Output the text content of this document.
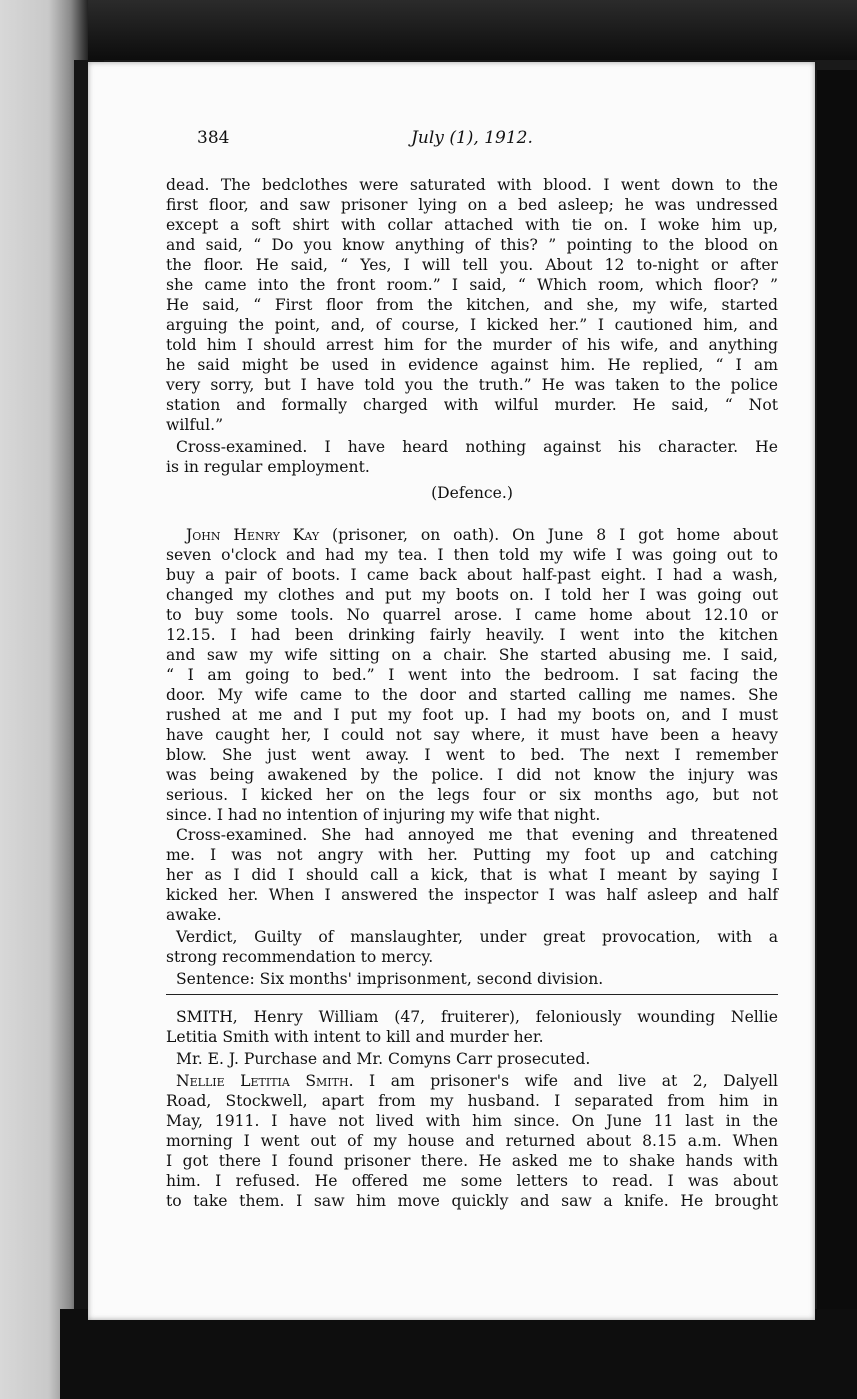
384	July (1), 1912.
dead. The bedclothes were saturated with blood. I went down to the
first floor, and saw prisoner lying on a bed asleep; he was undressed
except a soft shirt with collar attached with tie on. I woke him up,
and said, “ Do you know anything of this? ” pointing to the blood on
the floor. He said, “ Yes, I will tell you. About 12 to-night or after
she came into the front room.” I said, “ Which room, which floor? ”
He said, “ First floor from the kitchen, and she, my wife, started
arguing the point, and, of course, I kicked her.” I cautioned him, and
told him I should arrest him for the murder of his wife, and anything
he said might be used in evidence against him. He replied, “ I am
very sorry, but I have told you the truth.” He was taken to the police
station and formally charged with wilful murder. He said, “ Not
wilful.”
Cross-examined. I have heard nothing against his character. He
is in regular employment.
(Defence.)
John Henry Kay (prisoner, on oath). On June 8 I got home about
seven o'clock and had my tea. I then told my wife I was going out to
buy a pair of boots. I came back about half-past eight. I had a wash,
changed my clothes and put my boots on. I told her I was going out
to buy some tools. No quarrel arose. I came home about 12.10 or
12.15. I had been drinking fairly heavily. I went into the kitchen
and saw my wife sitting on a chair. She started abusing me. I said,
“ I am going to bed.” I went into the bedroom. I sat facing the
door. My wife came to the door and started calling me names. She
rushed at me and I put my foot up. I had my boots on, and I must
have caught her, I could not say where, it must have been a heavy
blow. She just went away. I went to bed. The next I remember
was being awakened by the police. I did not know the injury was
serious. I kicked her on the legs four or six months ago, but not
since. I had no intention of injuring my wife that night.
Cross-examined. She had annoyed me that evening and threatened
me. I was not angry with her. Putting my foot up and catching
her as I did I should call a kick, that is what I meant by saying I
kicked her. When I answered the inspector I was half asleep and half
awake.
Verdict, Guilty of manslaughter, under great provocation, with a
strong recommendation to mercy.
Sentence: Six months' imprisonment, second division.
SMITH, Henry William (47, fruiterer), feloniously wounding Nellie
Letitia Smith with intent to kill and murder her.
Mr. E. J. Purchase and Mr. Comyns Carr prosecuted.
Nellie Letitia Smith. I am prisoner's wife and live at 2, Dalyell
Road, Stockwell, apart from my husband. I separated from him in
May, 1911. I have not lived with him since. On June 11 last in the
morning I went out of my house and returned about 8.15 a.m. When
I got there I found prisoner there. He asked me to shake hands with
him. I refused. He offered me some letters to read. I was about
to take them. I saw him move quickly and saw a knife. He brought
